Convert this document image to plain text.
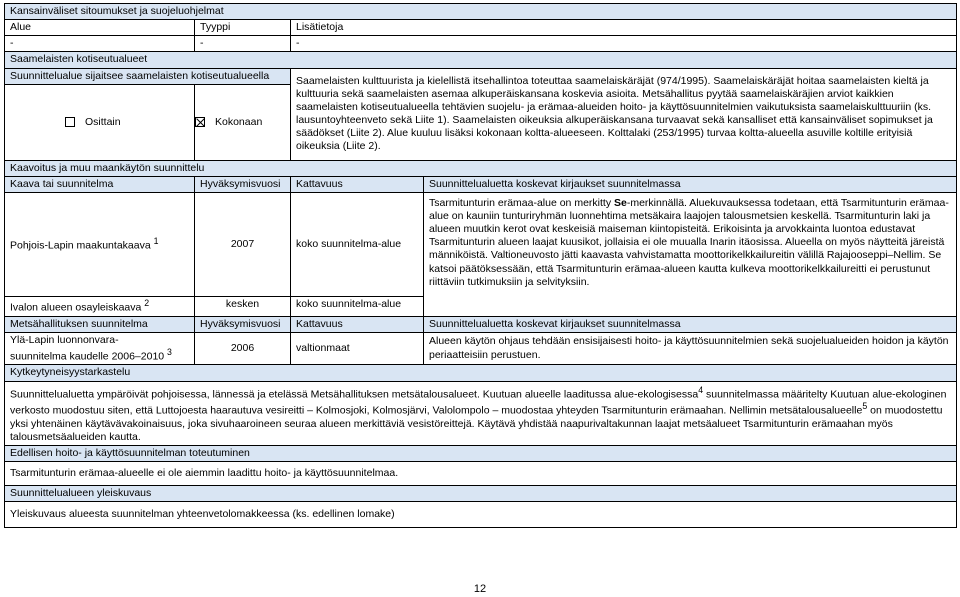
Kansainväliset sitoumukset ja suojeluohjelmat			
Alue	Tyyppi	Lisätietoja	
-	-	-	
Saamelaisten kotiseutualueet			
Suunnittelualue sijaitsee saamelaisten kotiseutualueella		Saamelaisten kulttuurista ja kielellistä itsehallintoa toteuttaa saamelaiskäräjät (974/1995). Saamelaiskäräjät hoitaa saamelaisten kieltä ja kulttuuria sekä saamelaisten asemaa alkuperäiskansana koskevia asioita. Metsähallitus pyytää saamelaiskäräjien arviot kaikkien saamelaisten kotiseutualueella tehtävien suojelu- ja erämaa-alueiden hoito- ja käyttösuunnitelmien vaikutuksista saamelaiskulttuuriin (ks. lausuntoyhteenveto sekä Liite 1). Saamelaisten oikeuksia alkuperäiskansana turvaavat sekä kansalliset että kansainväliset sopimukset ja säädökset (Liite 2). Alue kuuluu lisäksi kokonaan koltta-alueeseen. Kolttalaki (253/1995) turvaa koltta-alueella asuville koltille erityisiä oikeuksia (Liite 2).	
Osittain	Kokonaan		
Kaavoitus ja muu maankäytön suunnittelu			
Kaava tai suunnitelma	Hyväksymisvuosi	Kattavuus	Suunnittelualuetta koskevat kirjaukset suunnitelmassa
Pohjois-Lapin maakuntakaava $^1$	2007	koko suunnitelma-alue	Tsarmitunturin erämaa-alue on merkitty Se-merkinnällä. Aluekuvauksessa todetaan, että Tsarmitunturin erämaa-alue on kauniin tunturiryhmän luonnehtima metsäkaira laajojen talousmetsien keskellä. Tsarmitunturin laki ja alueen muutkin kerot ovat keskeisiä maiseman kiintopisteitä. Erikoisinta ja arvokkainta luontoa edustavat Tsarmitunturin alueen laajat kuusikot, jollaisia ei ole muualla Inarin itäosissa. Alueella on myös näytteitä järeistä männiköistä. Valtioneuvosto jätti kaavasta vahvistamatta moottorikelkkailureitin välillä Rajajooseppi–Nellim. Se katsoi päätöksessään, että Tsarmitunturin erämaa-alueen kautta kulkeva moottorikelkkailureitti ei perustunut riittäviin tutkimuksiin ja selvityksiin.
Ivalon alueen osayleiskaava $^2$	kesken	koko suunnitelma-alue	
Metsähallituksen suunnitelma	Hyväksymisvuosi	Kattavuus	Suunnittelualuetta koskevat kirjaukset suunnitelmassa
Ylä-Lapin luonnonvara-
suunnitelma kaudelle 2006–2010 $^3$	2006	valtionmaat	Alueen käytön ohjaus tehdään ensisijaisesti hoito- ja käyttösuunnitelmien sekä suojelualueiden hoidon ja käytön periaatteisiin perustuen.
Kytkeytyneisyystarkastelu			
Suunnittelualuetta ympäröivät pohjoisessa, lännessä ja etelässä Metsähallituksen metsätalousalueet. Kuutuan alueelle laaditussa alue-ekologisessa$^4$ suunnitelmassa määritelty Kuutuan alue-ekologinen verkosto muodostuu siten, että Luttojoesta haarautuva vesireitti – Kolmosjoki, Kolmosjärvi, Valolompolo – muodostaa yhteyden Tsarmitunturin erämaahan. Nellimin metsätalousalueelle$^5$ on muodostettu yksi yhtenäinen käytävävakoinaisuus, joka sivuhaaroineen seuraa alueen merkittäviä vesistöreittejä. Käytävä yhdistää naapurivaltakunnan laajat metsäalueet Tsarmitunturin erämaahan myös talousmetsäalueiden kautta.			
Edellisen hoito- ja käyttösuunnitelman toteutuminen			
Tsarmitunturin erämaa-alueelle ei ole aiemmin laadittu hoito- ja käyttösuunnitelmaa.			
Suunnittelualueen yleiskuvaus			
Yleiskuvaus alueesta suunnitelman yhteenvetolomakkeessa (ks. edellinen lomake)			
12
